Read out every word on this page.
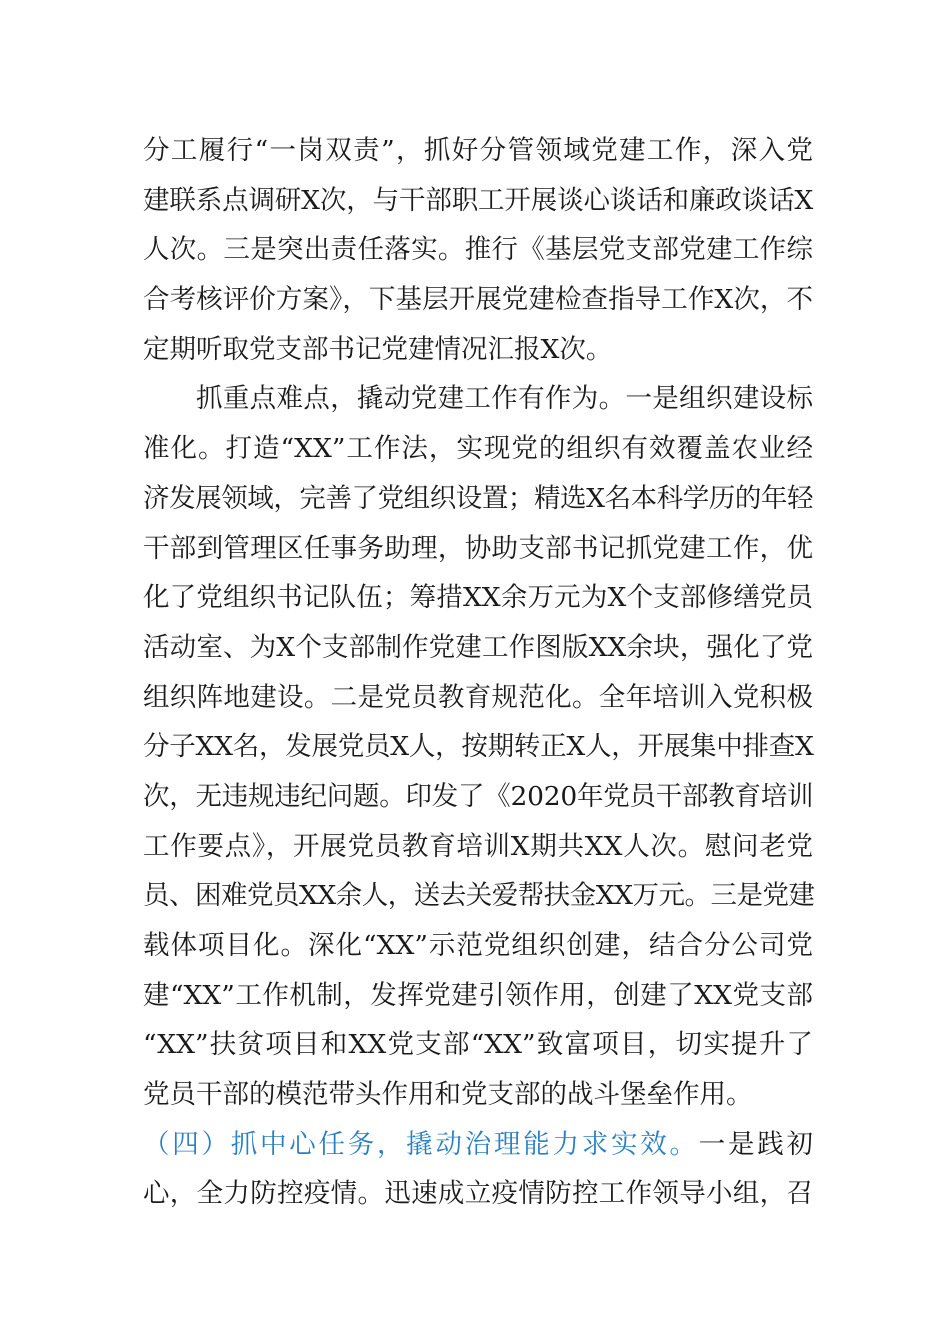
分工履行“一岗双责”，抓好分管领域党建工作，深入党
建联系点调研X次，与干部职工开展谈心谈话和廉政谈话X
人次。三是突出责任落实。推行《基层党支部党建工作综
合考核评价方案》，下基层开展党建检查指导工作X次，不
定期听取党支部书记党建情况汇报X次。
抓重点难点，撬动党建工作有作为。一是组织建设标
准化。打造“XX”工作法，实现党的组织有效覆盖农业经
济发展领域，完善了党组织设置；精选X名本科学历的年轻
干部到管理区任事务助理，协助支部书记抓党建工作，优
化了党组织书记队伍；筹措XX余万元为X个支部修缮党员
活动室、为X个支部制作党建工作图版XX余块，强化了党
组织阵地建设。二是党员教育规范化。全年培训入党积极
分子XX名，发展党员X人，按期转正X人，开展集中排查X
次，无违规违纪问题。印发了《2020年党员干部教育培训
工作要点》，开展党员教育培训X期共XX人次。慰问老党
员、困难党员XX余人，送去关爱帮扶金XX万元。三是党建
载体项目化。深化“XX”示范党组织创建，结合分公司党
建“XX”工作机制，发挥党建引领作用，创建了XX党支部
“XX”扶贫项目和XX党支部“XX”致富项目，切实提升了
党员干部的模范带头作用和党支部的战斗堡垒作用。
（四）抓中心任务，撬动治理能力求实效。一是践初
心，全力防控疫情。迅速成立疫情防控工作领导小组，召
